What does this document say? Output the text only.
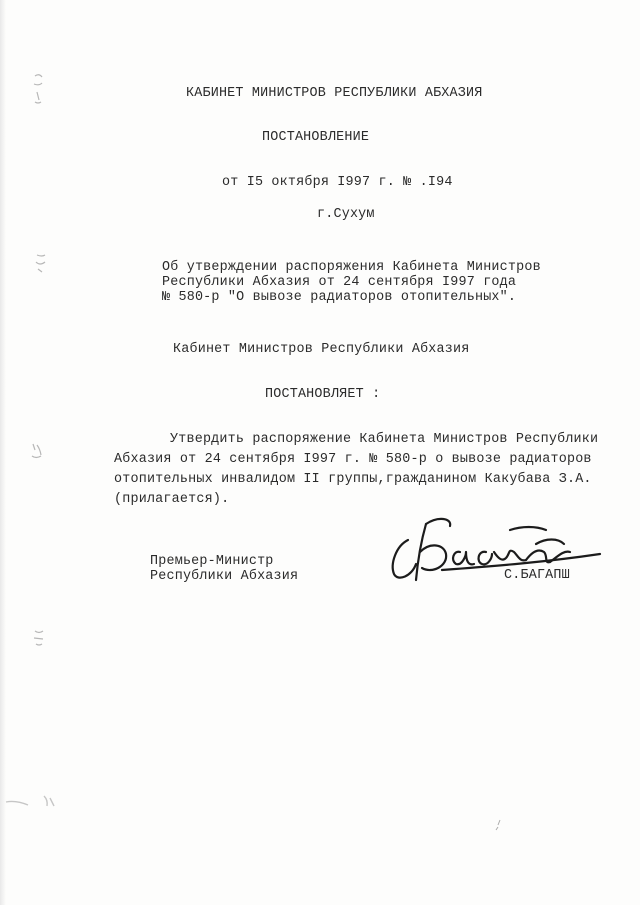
КАБИНЕТ МИНИСТРОВ РЕСПУБЛИКИ АБХАЗИЯ
ПОСТАНОВЛЕНИЕ
от I5 октября I997 г. № .I94
г.Сухум
Об утверждении распоряжения Кабинета Министров
Республики Абхазия от 24 сентября I997 года
№ 580-р "О вывозе радиаторов отопительных".
Кабинет Министров Республики Абхазия
ПОСТАНОВЛЯЕТ :
Утвердить распоряжение Кабинета Министров Республики
Абхазия от 24 сентября I997 г. № 580-р о вывозе радиаторов
отопительных инвалидом II группы,гражданином Какубава З.А.
(прилагается).
Премьер-Министр
Республики Абхазия	С.БАГАПШ
